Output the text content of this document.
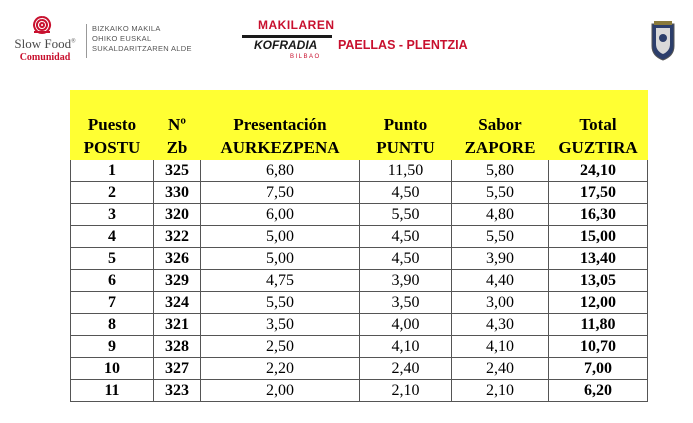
Slow Food®
Comunidad
BIZKAIKO MAKILA
OHIKO EUSKAL
SUKALDARITZAREN ALDE
MAKILAREN
KOFRADIA
BILBAO
PAELLAS - PLENTZIA

Puesto	Nº	Presentación	Punto	Sabor	Total
POSTU	Zb	AURKEZPENA	PUNTU	ZAPORE	GUZTIRA
1	325	6,80	11,50	5,80	24,10
2	330	7,50	4,50	5,50	17,50
3	320	6,00	5,50	4,80	16,30
4	322	5,00	4,50	5,50	15,00
5	326	5,00	4,50	3,90	13,40
6	329	4,75	3,90	4,40	13,05
7	324	5,50	3,50	3,00	12,00
8	321	3,50	4,00	4,30	11,80
9	328	2,50	4,10	4,10	10,70
10	327	2,20	2,40	2,40	7,00
11	323	2,00	2,10	2,10	6,20
